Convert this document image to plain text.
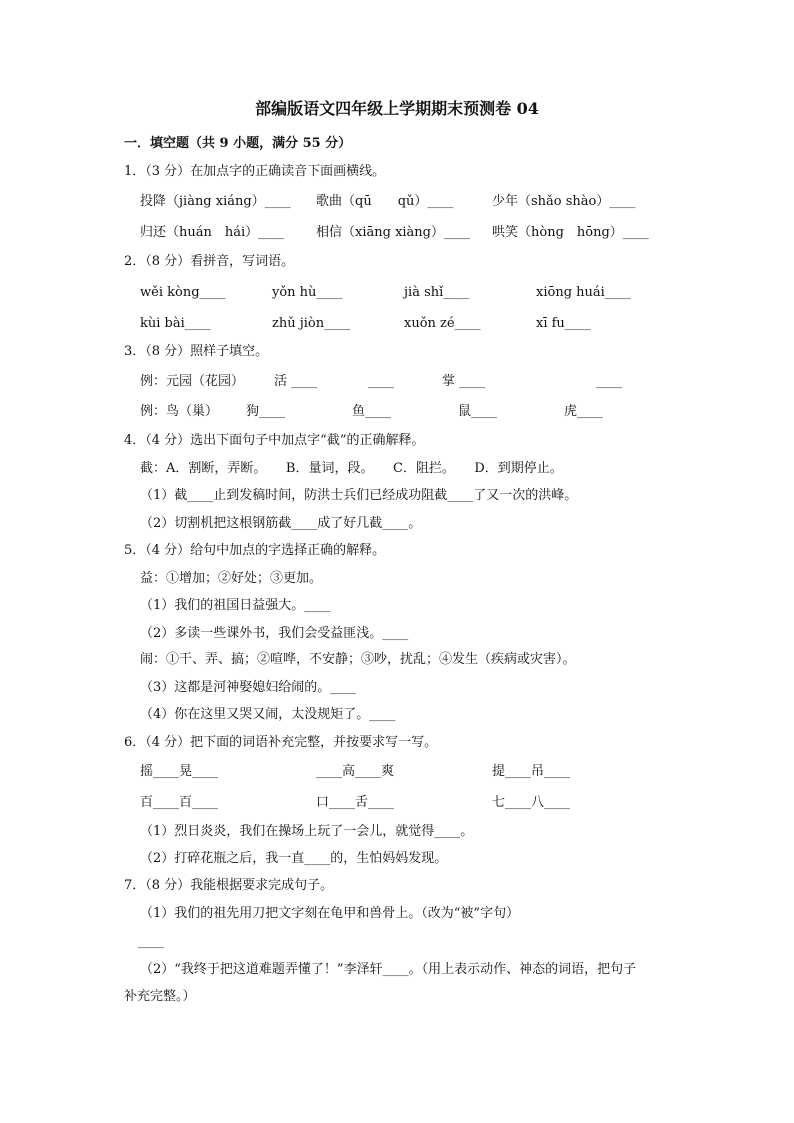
部编版语文四年级上学期期末预测卷 04
一．填空题（共 9 小题，满分 55 分）
1．（3 分）在加点字的正确读音下面画横线。
投降（jiàng xiáng）____ 歌曲（qū　　qǔ）____	少年（shǎo shào）____
归还（huán　hái）____ 相信（xiāng xiàng）____ 哄笑（hòng　hōng）____
2．（8 分）看拼音，写词语。
wěi kòng____	yǒn hù____	jià shǐ____	xiōng huái____
kùi bài____	zhǔ jiòn____	xuǒn zé____	xī fu____
3．（8 分）照样子填空。
例：元园（花园） 活 ____	____	掌 ____	____
例：鸟（巢） 狗____	鱼____	鼠____	虎____
4．（4 分）选出下面句子中加点字“截”的正确解释。
截：A．割断，弄断。　　B．量词，段。　　C．阻拦。　　D．到期停止。
（1）截____止到发稿时间，防洪士兵们已经成功阻截____了又一次的洪峰。
（2）切割机把这根钢筋截____成了好几截____。
5．（4 分）给句中加点的字选择正确的解释。
益：①增加；②好处；③更加。
（1）我们的祖国日益强大。____
（2）多读一些课外书，我们会受益匪浅。____
闹：①干、弄、搞；②喧哗，不安静；③吵，扰乱；④发生（疾病或灾害）。
（3）这都是河神娶媳妇给闹的。____
（4）你在这里又哭又闹，太没规矩了。____
6．（4 分）把下面的词语补充完整，并按要求写一写。
摇____晃____	____高____爽	提____吊____
百____百____	口____舌____	七____八____
（1）烈日炎炎，我们在操场上玩了一会儿，就觉得____。
（2）打碎花瓶之后，我一直____的，生怕妈妈发现。
7．（8 分）我能根据要求完成句子。
（1）我们的祖先用刀把文字刻在龟甲和兽骨上。（改为“被”字句）
____
（2）“我终于把这道难题弄懂了！”李泽轩____。（用上表示动作、神态的词语，把句子
补充完整。）
